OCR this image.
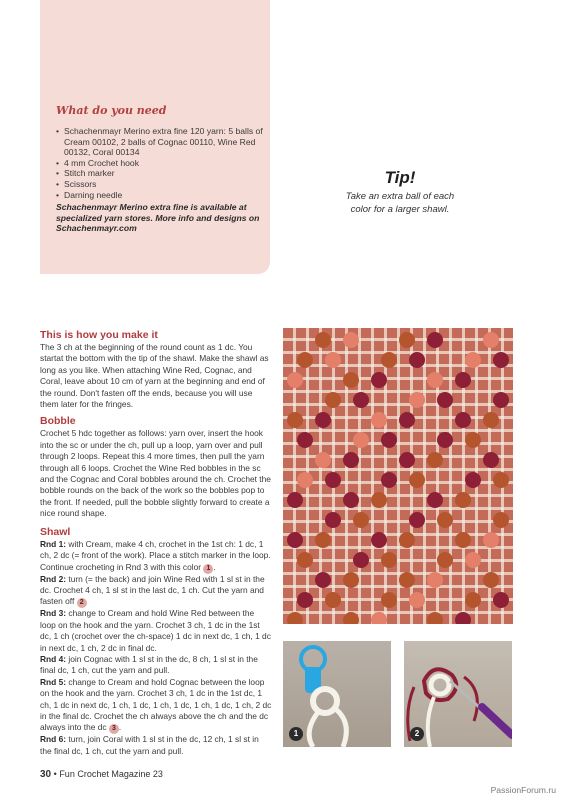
What do you need
• Schachenmayr Merino extra fine 120 yarn: 5 balls of Cream 00102, 2 balls of Cognac 00110, Wine Red 00132, Coral 00134
• 4 mm Crochet hook
• Stitch marker
• Scissors
• Darning needle
Schachenmayr Merino extra fine is available at specialized yarn stores. More info and designs on Schachenmayr.com
Tip!
Take an extra ball of each color for a larger shawl.
This is how you make it
The 3 ch at the beginning of the round count as 1 dc. You startat the bottom with the tip of the shawl. Make the shawl as long as you like. When attaching Wine Red, Cognac, and Coral, leave about 10 cm of yarn at the beginning and end of the round. Don't fasten off the ends, because you will use them later for the fringes.
Bobble
Crochet 5 hdc together as follows: yarn over, insert the hook into the sc or under the ch, pull up a loop, yarn over and pull through 2 loops. Repeat this 4 more times, then pull the yarn through all 6 loops. Crochet the Wine Red bobbles in the sc and the Cognac and Coral bobbles around the ch. Crochet the bobble rounds on the back of the work so the bobbles pop to the front. If needed, pull the bobble slightly forward to create a nice round shape.
Shawl
Rnd 1: with Cream, make 4 ch, crochet in the 1st ch: 1 dc, 1 ch, 2 dc (= front of the work). Place a stitch marker in the loop. Continue crocheting in Rnd 3 with this color 1 .
Rnd 2: turn (= the back) and join Wine Red with 1 sl st in the dc. Crochet 4 ch, 1 sl st in the last dc, 1 ch. Cut the yarn and fasten off 2
Rnd 3: change to Cream and hold Wine Red between the loop on the hook and the yarn. Crochet 3 ch, 1 dc in the 1st dc, 1 ch (crochet over the ch-space) 1 dc in next dc, 1 ch, 1 dc in next dc, 1 ch, 2 dc in final dc.
Rnd 4: join Cognac with 1 sl st in the dc, 8 ch, 1 sl st in the final dc, 1 ch, cut the yarn and pull.
Rnd 5: change to Cream and hold Cognac between the loop on the hook and the yarn. Crochet 3 ch, 1 dc in the 1st dc, 1 ch, 1 dc in next dc, 1 ch, 1 dc, 1 ch, 1 dc, 1 ch, 1 dc, 1 ch, 2 dc in the final dc. Crochet the ch always above the ch and the dc always into the dc 3 .
Rnd 6: turn, join Coral with 1 sl st in the dc, 12 ch, 1 sl st in the final dc, 1 ch, cut the yarn and pull.
1	2
30 • Fun Crochet Magazine 23
PassionForum.ru
